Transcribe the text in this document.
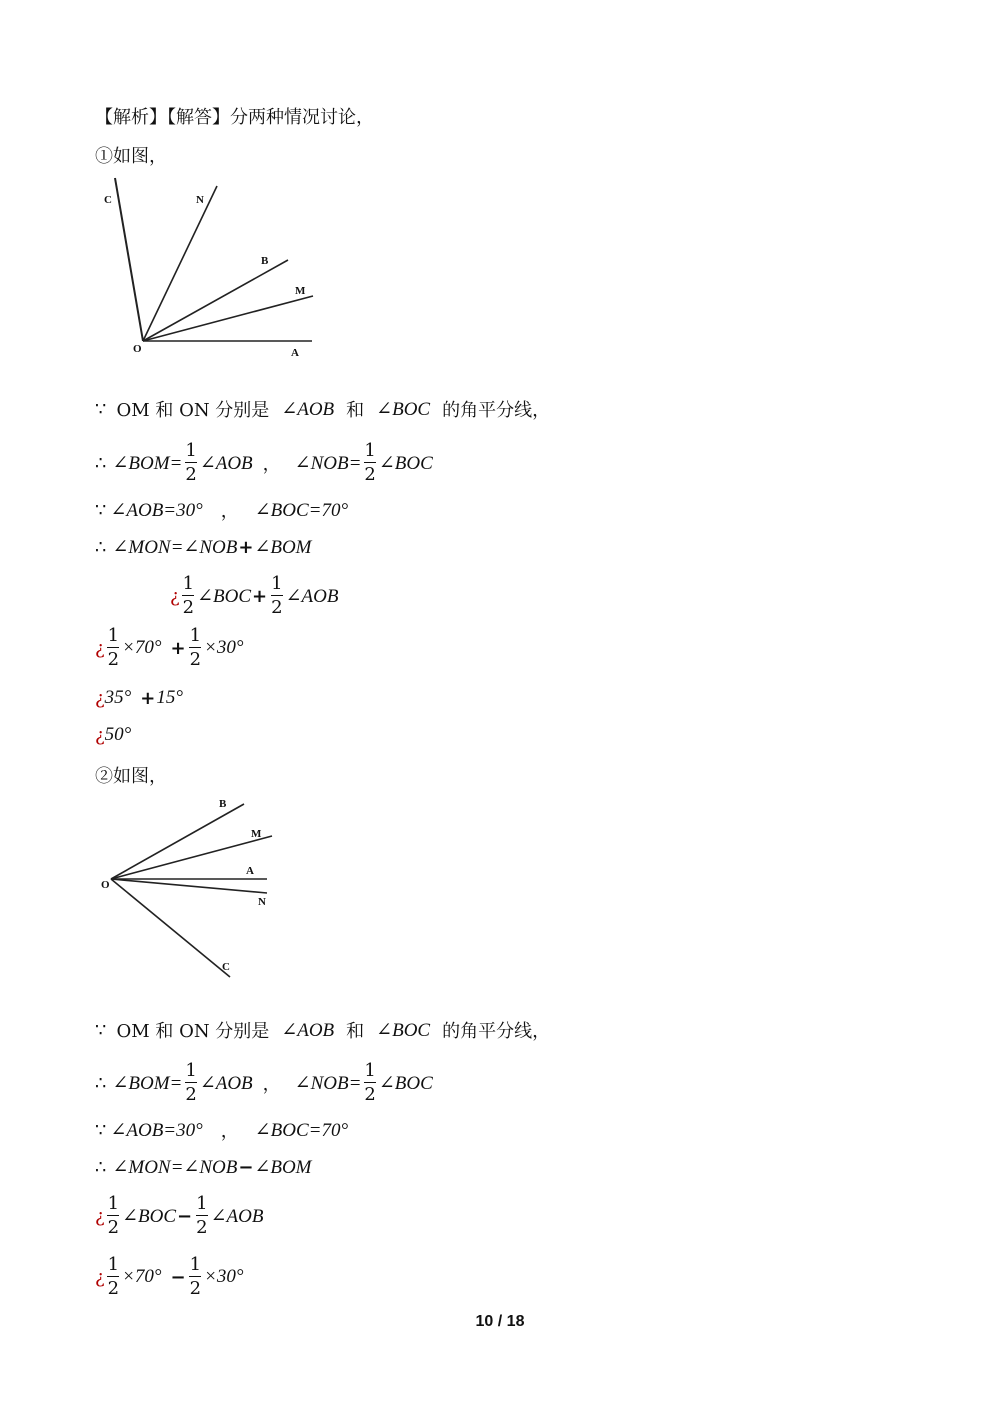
【解析】【解答】分两种情况讨论，
①如图，
C	N
B
M
O	A
∵ OM 和 ON 分别是 ∠AOB 和 ∠BOC 的角平分线，
∴ ∠BOM= $\frac{1}{2}$ ∠AOB ， ∠NOB= $\frac{1}{2}$ ∠BOC
∵ ∠AOB=30° ， ∠BOC=70°
∴ ∠MON=∠NOB + ∠BOM
¿ $\frac{1}{2}$ ∠BOC + $\frac{1}{2}$ ∠AOB
¿ $\frac{1}{2} \times 70^\circ + \frac{1}{2} \times 30^\circ$
¿ 35° + 15°
¿ 50°
②如图，
B
M
O
A
N
C
∵ OM 和 ON 分别是 ∠AOB 和 ∠BOC 的角平分线，
∴ ∠BOM= $\frac{1}{2}$ ∠AOB ， ∠NOB= $\frac{1}{2}$ ∠BOC
∵ ∠AOB=30° ， ∠BOC=70°
∴ ∠MON=∠NOB − ∠BOM
¿ $\frac{1}{2}$ ∠BOC − $\frac{1}{2}$ ∠AOB
¿ $\frac{1}{2} \times 70^\circ - \frac{1}{2} \times 30^\circ$
10 / 18
